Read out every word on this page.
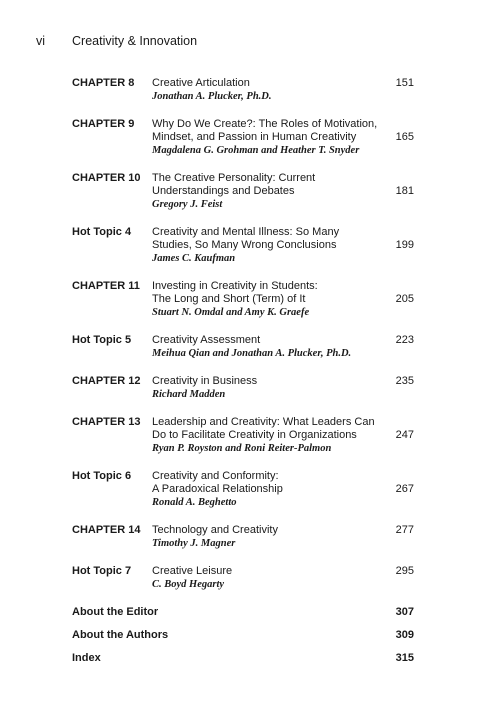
vi Creativity & Innovation
CHAPTER 8 Creative Articulation
Jonathan A. Plucker, Ph.D.
151
CHAPTER 9 Why Do We Create?: The Roles of Motivation,
Mindset, and Passion in Human Creativity
Magdalena G. Grohman and Heather T. Snyder
165
CHAPTER 10 The Creative Personality: Current
Understandings and Debates
Gregory J. Feist
181
Hot Topic 4 Creativity and Mental Illness: So Many
Studies, So Many Wrong Conclusions
James C. Kaufman
199
CHAPTER 11 Investing in Creativity in Students:
The Long and Short (Term) of It
Stuart N. Omdal and Amy K. Graefe
205
Hot Topic 5 Creativity Assessment
Meihua Qian and Jonathan A. Plucker, Ph.D.
223
CHAPTER 12 Creativity in Business
Richard Madden
235
CHAPTER 13 Leadership and Creativity: What Leaders Can
Do to Facilitate Creativity in Organizations
Ryan P. Royston and Roni Reiter-Palmon
247
Hot Topic 6 Creativity and Conformity:
A Paradoxical Relationship
Ronald A. Beghetto
267
CHAPTER 14 Technology and Creativity
Timothy J. Magner
277
Hot Topic 7 Creative Leisure
C. Boyd Hegarty
295
About the Editor	307
About the Authors	309
Index	315
